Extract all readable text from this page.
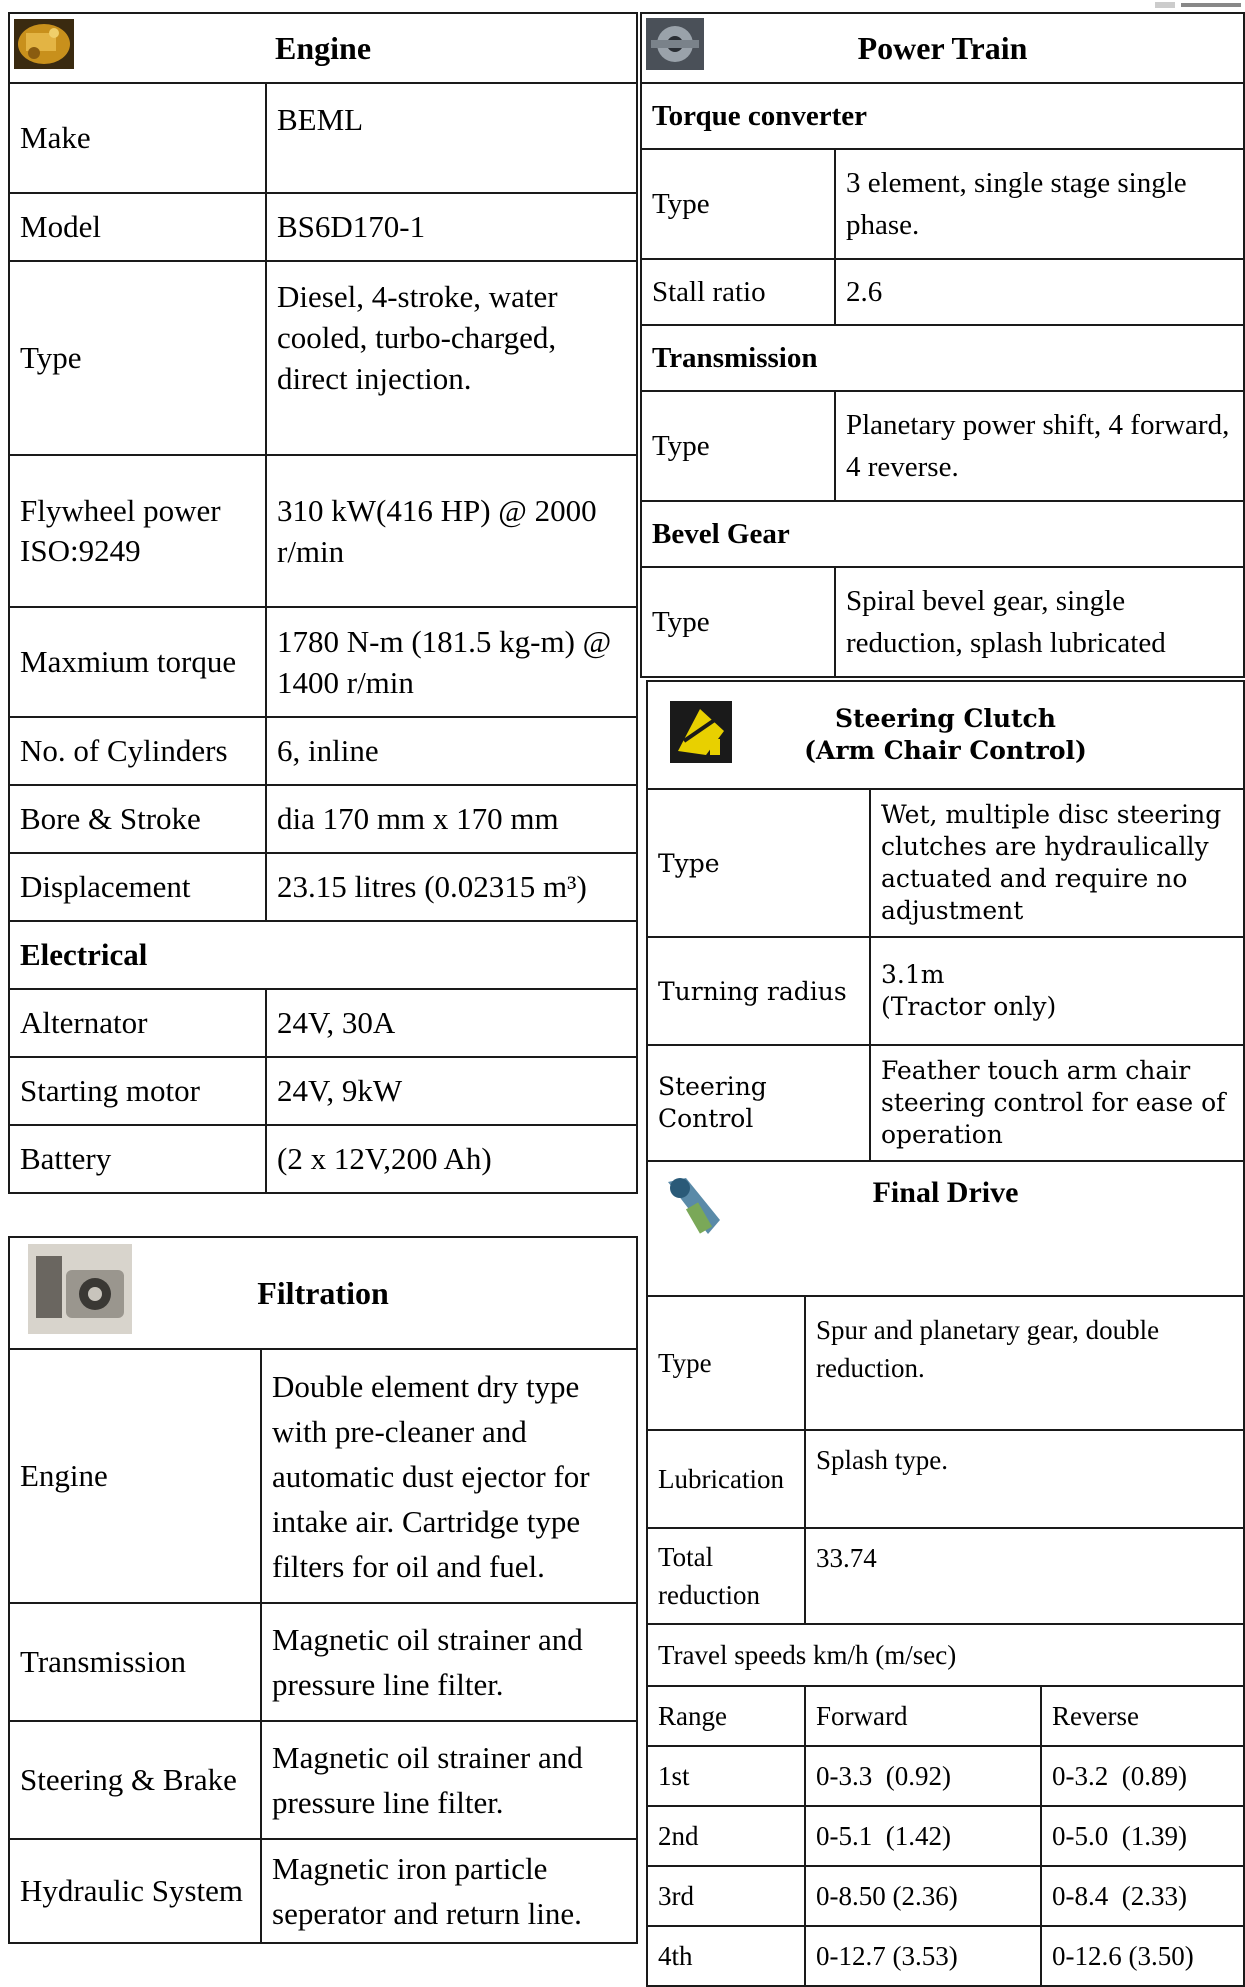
Engine	

Make	BEML
Model	BS6D170-1
Type	Diesel, 4-stroke, water cooled, turbo-charged, direct injection.
Flywheel power ISO:9249	310 kW(416 HP) @ 2000 r/min
Maxmium torque	1780 N-m (181.5 kg-m) @ 1400 r/min
No. of Cylinders	6, inline
Bore & Stroke	dia 170 mm x 170 mm
Displacement	23.15 litres (0.02315 m³)
Electrical	
Alternator	24V, 30A
Starting motor	24V, 9kW
Battery	(2 x 12V,200 Ah)
Filtration	

Engine	Double element dry type with pre-cleaner and automatic dust ejector for intake air. Cartridge type filters for oil and fuel.
Transmission	Magnetic oil strainer and pressure line filter.
Steering & Brake	Magnetic oil strainer and pressure line filter.
Hydraulic System	Magnetic iron particle seperator and return line.
Power Train	

Torque converter	
Type	3 element, single stage single phase.
Stall ratio	2.6
Transmission	
Type	Planetary power shift, 4 forward, 4 reverse.
Bevel Gear	
Type	Spiral bevel gear, single reduction, splash lubricated
Steering Clutch
(Arm Chair Control)	

Type	Wet, multiple disc steering clutches are hydraulically actuated and require no adjustment
Turning radius	3.1m
(Tractor only)

Steering Control	Feather touch arm chair steering control for ease of operation
Final Drive		

Type	Spur and planetary gear, double reduction.	
Lubrication	Splash type.	
Total reduction	33.74	
Travel speeds km/h (m/sec)		
Range	Forward	Reverse
1st	0-3.3  (0.92)	0-3.2  (0.89)
2nd	0-5.1  (1.42)	0-5.0  (1.39)
3rd	0-8.50 (2.36)	0-8.4  (2.33)
4th	0-12.7 (3.53)	0-12.6 (3.50)
